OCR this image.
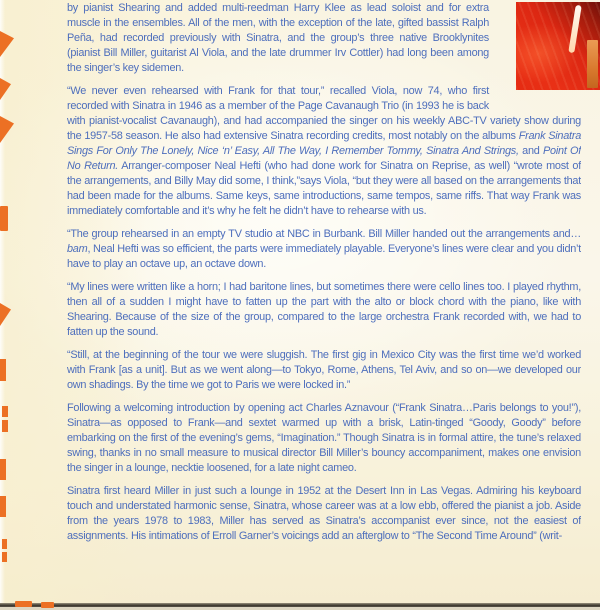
by pianist Shearing and added multi-reedman Harry Klee as lead soloist and for extra muscle in the ensembles. All of the men, with the exception of the late, gifted bassist Ralph Peña, had recorded previously with Sinatra, and the group’s three native Brooklynites (pianist Bill Miller, guitarist Al Viola, and the late drummer Irv Cottler) had long been among the singer’s key sidemen.

“We never even rehearsed with Frank for that tour,” recalled Viola, now 74, who first recorded with Sinatra in 1946 as a member of the Page Cavanaugh Trio (in 1993 he is back with pianist-vocalist Cavanaugh), and had accompanied the singer on his weekly ABC-TV variety show during the 1957-58 season. He also had extensive Sinatra recording credits, most notably on the albums Frank Sinatra Sings For Only The Lonely, Nice ‘n’ Easy, All The Way, I Remember Tommy, Sinatra And Strings, and Point Of No Return. Arranger-composer Neal Hefti (who had done work for Sinatra on Reprise, as well) “wrote most of the arrangements, and Billy May did some, I think,”says Viola, “but they were all based on the arrangements that had been made for the albums. Same keys, same introductions, same tempos, same riffs. That way Frank was immediately comfortable and it’s why he felt he didn’t have to rehearse with us.

“The group rehearsed in an empty TV studio at NBC in Burbank. Bill Miller handed out the arrangements and…bam, Neal Hefti was so efficient, the parts were immediately playable. Everyone’s lines were clear and you didn’t have to play an octave up, an octave down.

“My lines were written like a horn; I had baritone lines, but sometimes there were cello lines too. I played rhythm, then all of a sudden I might have to fatten up the part with the alto or block chord with the piano, like with Shearing. Because of the size of the group, compared to the large orchestra Frank recorded with, we had to fatten up the sound.

“Still, at the beginning of the tour we were sluggish. The first gig in Mexico City was the first time we’d worked with Frank [as a unit]. But as we went along—to Tokyo, Rome, Athens, Tel Aviv, and so on—we developed our own shadings. By the time we got to Paris we were locked in.”

Following a welcoming introduction by opening act Charles Aznavour (“Frank Sinatra…Paris belongs to you!”), Sinatra—as opposed to Frank—and sextet warmed up with a brisk, Latin-tinged “Goody, Goody” before embarking on the first of the evening’s gems, “Imagination.” Though Sinatra is in formal attire, the tune’s relaxed swing, thanks in no small measure to musical director Bill Miller’s bouncy accompaniment, makes one envision the singer in a lounge, necktie loosened, for a late night cameo.

Sinatra first heard Miller in just such a lounge in 1952 at the Desert Inn in Las Vegas. Admiring his keyboard touch and understated harmonic sense, Sinatra, whose career was at a low ebb, offered the pianist a job. Aside from the years 1978 to 1983, Miller has served as Sinatra’s accompanist ever since, not the easiest of assignments. His intimations of Erroll Garner’s voicings add an afterglow to “The Second Time Around” (writ-
